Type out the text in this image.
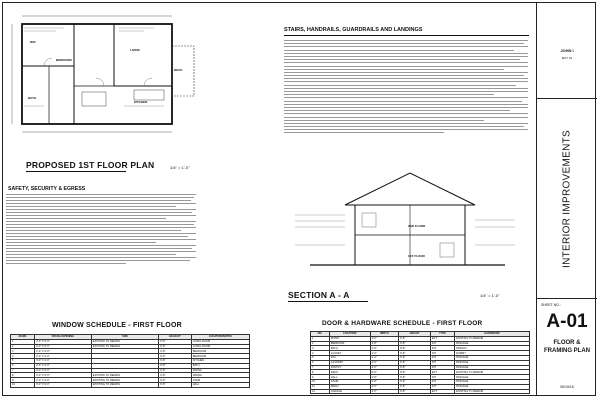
BEDROOM
LIVING
KITCHEN
WIC
BATH
DECK
PROPOSED 1ST FLOOR PLAN	1/4" = 1'-0"
SAFETY, SECURITY & EGRESS
STAIRS, HANDRAILS, GUARDRAILS AND LANDINGS
2ND FLOOR
1ST FLOOR
SECTION A - A	1/4" = 1'-0"
WINDOW SCHEDULE - FIRST FLOOR
MARK	ROUGH OPENING	SIZE	HEAD HT	LOCATION/NOTES
1	3'-0" X 5'-0"	EXISTING TO REMAIN	6'-8"	LIVING ROOM
2	3'-0" X 5'-0"	EXISTING TO REMAIN	6'-8"	LIVING ROOM
3	2'-0" X 3'-0"		6'-8"	BEDROOM
4	2'-0" X 3'-0"		6'-8"	BEDROOM
5	3'-0" X 4'-0"		6'-8"	KITCHEN
6	2'-0" X 3'-0"		6'-8"	BATH
7	3'-0" X 5'-0"		6'-8"	DINING
8	3'-0" X 5'-0"	EXISTING TO REMAIN	6'-8"	DINING
9	2'-0" X 3'-0"	EXISTING TO REMAIN	6'-8"	STAIR
10	3'-0" X 5'-0"	EXISTING TO REMAIN	6'-8"	HALL
DOOR & HARDWARE SCHEDULE - FIRST FLOOR
NO.	LOCATION	WIDTH	HEIGHT	TYPE	HARDWARE
1	ENTRY	3'-0"	6'-8"	EXT	EXISTING TO REMAIN
2	BEDROOM	2'-8"	6'-8"	INT	PASSAGE
3	BATH	2'-6"	6'-8"	INT	PRIVACY
4	CLOSET	2'-0"	6'-8"	INT	DUMMY
5	WIC	2'-4"	6'-8"	INT	PASSAGE
6	LAUNDRY	2'-6"	6'-8"	INT	PASSAGE
7	PANTRY	2'-0"	6'-8"	INT	PASSAGE
8	DECK	6'-0"	6'-8"	EXT	EXISTING TO REMAIN
9	HALL	2'-8"	6'-8"	INT	PASSAGE
10	STAIR	2'-8"	6'-8"	INT	PASSAGE
11	MECH	2'-6"	6'-8"	INT	PASSAGE
12	GARAGE	3'-0"	6'-8"	EXT	EXISTING TO REMAIN
JOHN I
MAY 01
INTERIOR IMPROVEMENTS
SHEET NO.:
A-01
FLOOR & FRAMING PLAN
05/15/16
